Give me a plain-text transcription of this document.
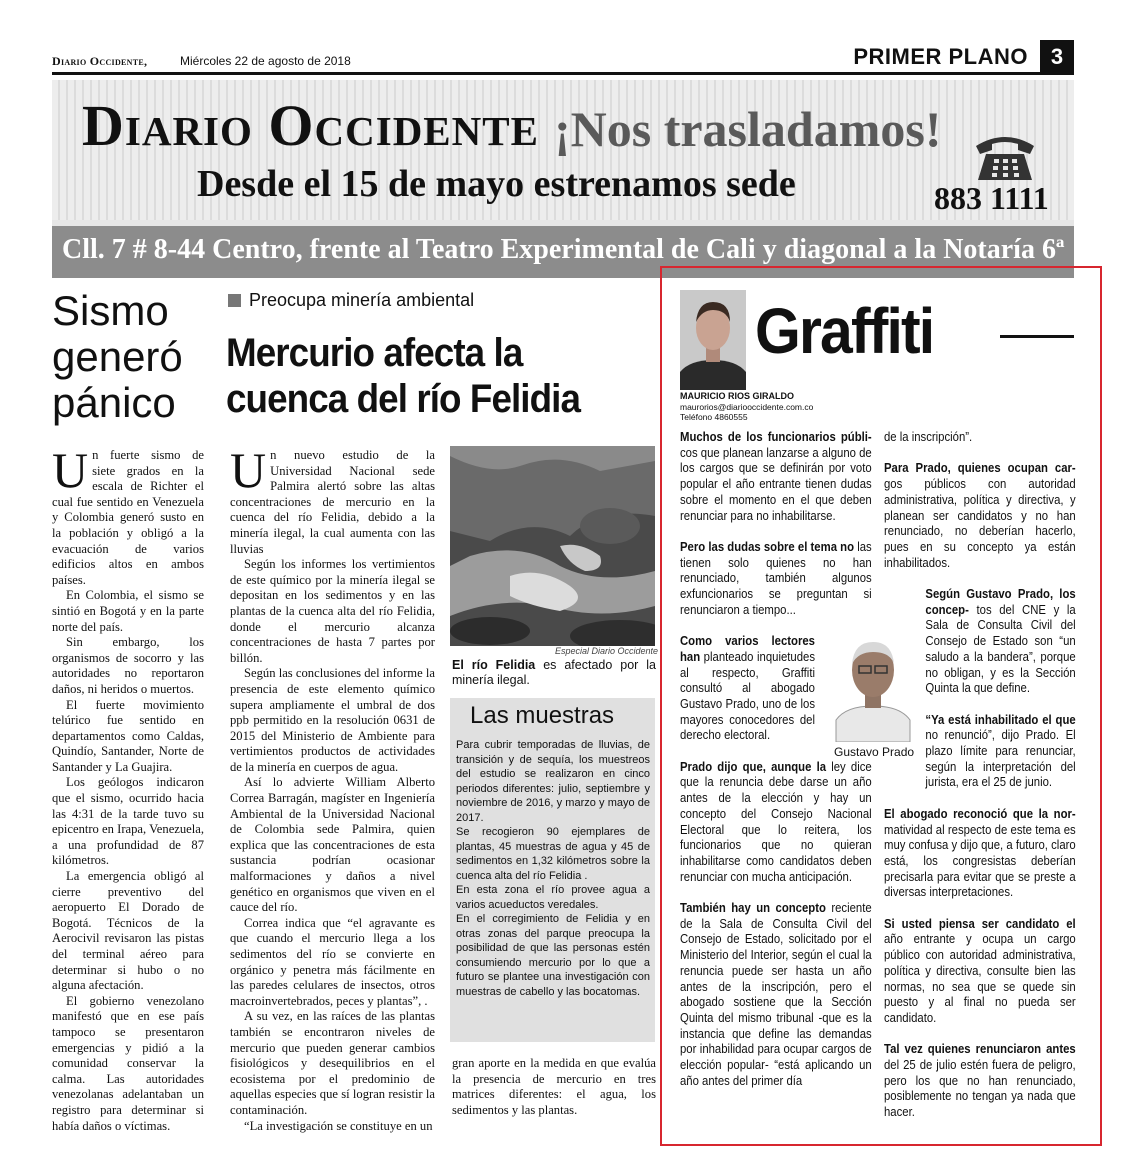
Diario Occidente,	Miércoles 22 de agosto de 2018	PRIMER PLANO	3
Diario Occidente ¡Nos trasladamos!
Desde el 15 de mayo estrenamos sede	883 1111
Cll. 7 # 8-44 Centro, frente al Teatro Experimental de Cali y diagonal a la Notaría 6ª
Sismo generó pánico

Un fuerte sismo de siete grados en la escala de Richter el cual fue sentido en Venezuela y Colombia generó susto en la población y obligó a la evacuación de varios edificios altos en ambos países.

En Colombia, el sismo se sintió en Bogotá y en la parte norte del país.

Sin embargo, los organismos de socorro y las autoridades no reportaron daños, ni heridos o muertos.

El fuerte movimiento telúrico fue sentido en departamentos como Caldas, Quindío, Santander, Norte de Santander y La Guajira.

Los geólogos indicaron que el sismo, ocurrido hacia las 4:31 de la tarde tuvo su epicentro en Irapa, Venezuela, a una profundidad de 87 kilómetros.

La emergencia obligó al cierre preventivo del aeropuerto El Dorado de Bogotá. Técnicos de la Aerocivil revisaron las pistas del terminal aéreo para determinar si hubo o no alguna afectación.

El gobierno venezolano manifestó que en ese país tampoco se presentaron emergencias y pidió a la comunidad conservar la calma. Las autoridades venezolanas adelantaban un registro para determinar si había daños o víctimas.

Preocupa minería ambiental
Mercurio afecta la cuenca del río Felidia

Un nuevo estudio de la Universidad Nacional sede Palmira alertó sobre las altas concentraciones de mercurio en la cuenca del río Felidia, debido a la minería ilegal, la cual aumenta con las lluvias

Según los informes los vertimientos de este químico por la minería ilegal se depositan en los sedimentos y en las plantas de la cuenca alta del río Felidia, donde el mercurio alcanza concentraciones de hasta 7 partes por billón.

Según las conclusiones del informe la presencia de este elemento químico supera ampliamente el umbral de dos ppb permitido en la resolución 0631 de 2015 del Ministerio de Ambiente para vertimientos productos de actividades de la minería en cuerpos de agua.

Así lo advierte William Alberto Correa Barragán, magíster en Ingeniería Ambiental de la Universidad Nacional de Colombia sede Palmira, quien explica que las concentraciones de esta sustancia podrían ocasionar malformaciones y daños a nivel genético en organismos que viven en el cauce del río.

Correa indica que “el agravante es que cuando el mercurio llega a los sedimentos del río se convierte en orgánico y penetra más fácilmente en las paredes celulares de insectos, otros macroinvertebrados, peces y plantas”, .

A su vez, en las raíces de las plantas también se encontraron niveles de mercurio que pueden generar cambios fisiológicos y desequilibrios en el ecosistema por el predominio de aquellas especies que sí logran resistir la contaminación.

“La investigación se constituye en un

Especial Diario Occidente
El río Felidia es afectado por la minería ilegal.
Las muestras

Para cubrir temporadas de lluvias, de transición y de sequía, los muestreos del estudio se realizaron en cinco periodos diferentes: julio, septiembre y noviembre de 2016, y marzo y mayo de 2017.

Se recogieron 90 ejemplares de plantas, 45 muestras de agua y 45 de sedimentos en 1,32 kilómetros sobre la cuenca alta del río Felidia .

En esta zona el río provee agua a varios acueductos veredales.

En el corregimiento de Felidia y en otras zonas del parque preocupa la posibilidad de que las personas estén consumiendo mercurio por lo que a futuro se plantee una investigación con muestras de cabello y las bocatomas.

gran aporte en la medida en que evalúa la presencia de mercurio en tres matrices diferentes: el agua, los sedimentos y las plantas.
Graffiti
MAURICIO RIOS GIRALDO
maurorios@diariooccidente.com.co
Teléfono 4860555

Muchos de los funcionarios públi- cos que planean lanzarse a alguno de los cargos que se definirán por voto popular el año entrante tienen dudas sobre el momento en el que deben renunciar para no inhabilitarse.

Pero las dudas sobre el tema no las tienen solo quienes no han renunciado, también algunos exfuncionarios se preguntan si renunciaron a tiempo...

Como varios lectores han planteado inquietudes al respecto, Graffiti consultó al abogado Gustavo Prado, uno de los mayores conocedores del derecho electoral.

Prado dijo que, aunque la ley dice que la renuncia debe darse un año antes de la elección y hay un concepto del Consejo Nacional Electoral que lo reitera, los funcionarios que no quieran inhabilitarse como candidatos deben renunciar con mucha anticipación.

También hay un concepto reciente de la Sala de Consulta Civil del Consejo de Estado, solicitado por el Ministerio del Interior, según el cual la renuncia puede ser hasta un año antes de la inscripción, pero el abogado sostiene que la Sección Quinta del mismo tribunal -que es la instancia que define las demandas por inhabilidad para ocupar cargos de elección popular- “está aplicando un año antes del primer día

de la inscripción”.

Para Prado, quienes ocupan car- gos públicos con autoridad administrativa, política y directiva, y planean ser candidatos y no han renunciado, no deberían hacerlo, pues en su concepto ya están inhabilitados.

Según Gustavo Prado, los concep- tos del CNE y la Sala de Consulta Civil del Consejo de Estado son “un saludo a la bandera”, porque no obligan, y es la Sección Quinta la que define.

“Ya está inhabilitado el que no renunció”, dijo Prado. El plazo límite para renunciar, según la interpretación del jurista, era el 25 de junio.

El abogado reconoció que la nor- matividad al respecto de este tema es muy confusa y dijo que, a futuro, claro está, los congresistas deberían precisarla para evitar que se preste a diversas interpretaciones.

Si usted piensa ser candidato el año entrante y ocupa un cargo público con autoridad administrativa, política y directiva, consulte bien las normas, no sea que se quede sin puesto y al final no pueda ser candidato.

Tal vez quienes renunciaron antes del 25 de julio estén fuera de peligro, pero los que no han renunciado, posiblemente no tengan ya nada que hacer.

Gustavo Prado
